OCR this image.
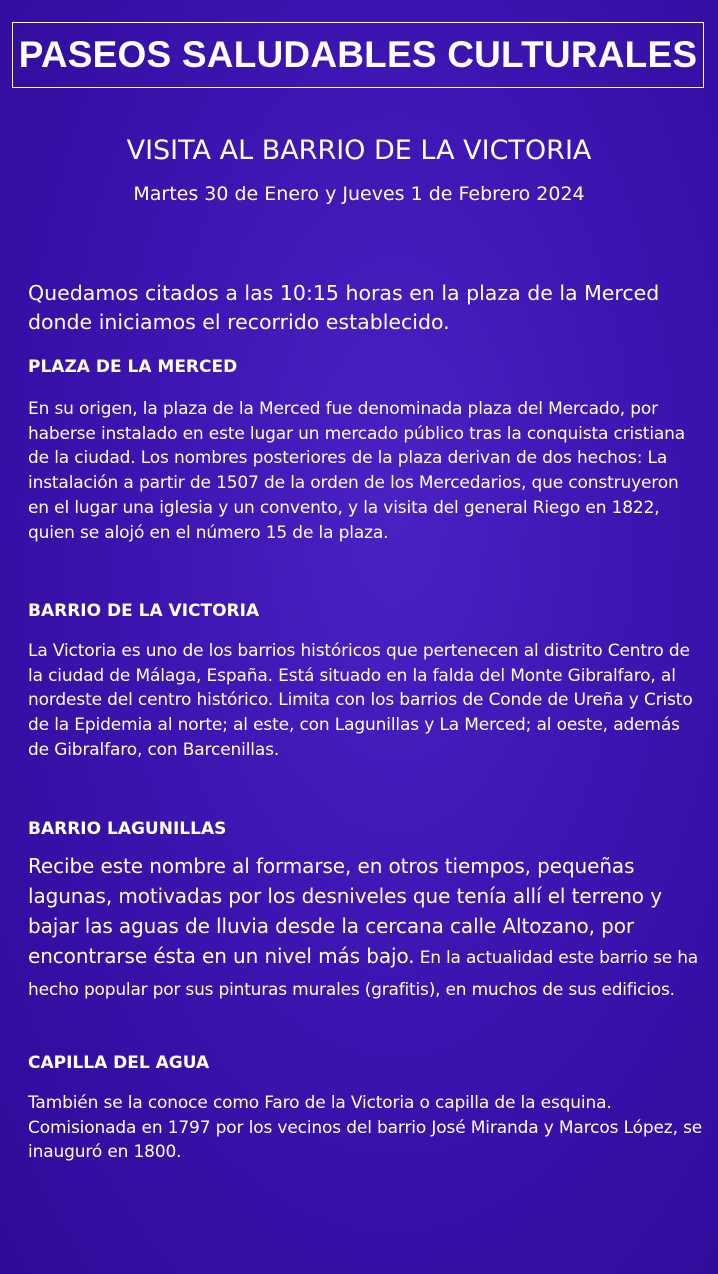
PASEOS SALUDABLES CULTURALES
VISITA AL BARRIO DE LA VICTORIA
Martes 30 de Enero y Jueves 1 de Febrero 2024

Quedamos citados a las 10:15 horas en la plaza de la Merced donde iniciamos el recorrido establecido.

PLAZA DE LA MERCED

En su origen, la plaza de la Merced fue denominada plaza del Mercado, por haberse instalado en este lugar un mercado público tras la conquista cristiana de la ciudad. Los nombres posteriores de la plaza derivan de dos hechos: La instalación a partir de 1507 de la orden de los Mercedarios, que construyeron en el lugar una iglesia y un convento, y la visita del general Riego en 1822, quien se alojó en el número 15 de la plaza.

BARRIO DE LA VICTORIA

La Victoria es uno de los barrios históricos que pertenecen al distrito Centro de la ciudad de Málaga, España. Está situado en la falda del Monte Gibralfaro, al nordeste del centro histórico. Limita con los barrios de Conde de Ureña y Cristo de la Epidemia al norte; al este, con Lagunillas y La Merced; al oeste, además de Gibralfaro, con Barcenillas.

BARRIO LAGUNILLAS

Recibe este nombre al formarse, en otros tiempos, pequeñas lagunas, motivadas por los desniveles que tenía allí el terreno y bajar las aguas de lluvia desde la cercana calle Altozano, por encontrarse ésta en un nivel más bajo. En la actualidad este barrio se ha hecho popular por sus pinturas murales (grafitis), en muchos de sus edificios.

CAPILLA DEL AGUA

También se la conoce como Faro de la Victoria o capilla de la esquina. Comisionada en 1797 por los vecinos del barrio José Miranda y Marcos López, se inauguró en 1800.
